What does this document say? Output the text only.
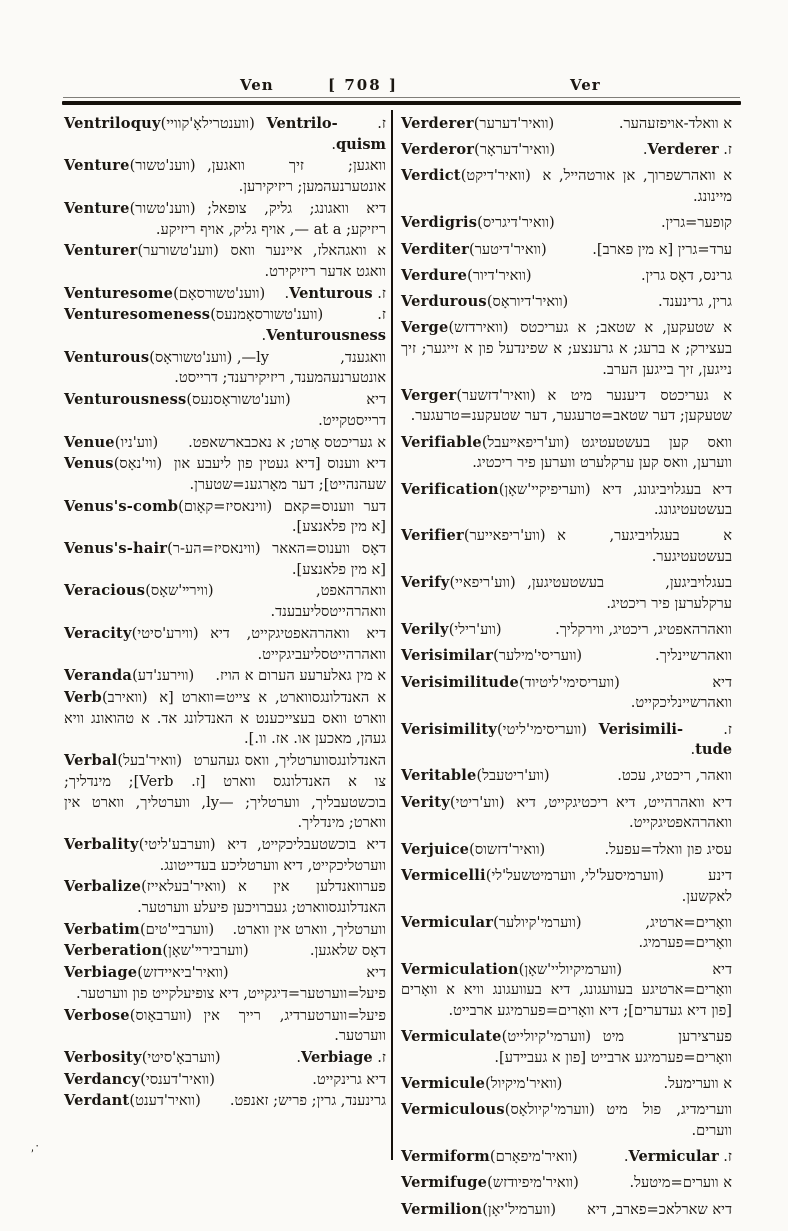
Ven	[ 708 ]	Ver
Ventriloquy (ווענטרילאָ'קוויי)	ז. Ventrilo-quism.
Venture (ווענ'טשור) וואגען; זיך וואגען, אונטערנעהמען; ריזיקירען.
Venture (ווענ'טשור) דיא וואגונג; גליק, צופאל; ריזיקע; at a —, אויף גליק, אויף ריזיקע.
Venturer (ווענ'טשורער) א וואגהאלז, איינער וואס וואגט אדער ריזיקירט.
Venturesome (ווענ'טשורסאָם)	ז. Venturous.
Venturesomeness (ווענ'טשורסאָמנעס)	ז. Venturousness.
Venturous (ווענ'טשוראָס),—ly	וואגענד, אונטערנעהמענד, ריזיקירענד; דרייסט.
Venturousness (ווענ'טשוראָסנעס)	דיא דרייסטקייט.
Venue (ווע'ניו) א געריכטס אָרט; א נאכבארשאפט.
Venus (ווי'נאָס) דיא ווענוס [דיא געטין פון ליעבע און שעהנהייט]; דער מאָרגענ=שטערן.
Venus's-comb (ווינאסיז=קאָום) דער ווענוס=קאם [א מין פלאנצע].
Venus's-hair (ווינאסיז=הע-ר) דאָס ווענוס=האאר [א מין פלאנצע].
Veracious (ווירײ'שאָס)	וואהרהאפט, וואהרהייטסליעבענד.
Veracity (ווירע'סיטי) דיא וואהרהאפטיגקייט, דיא וואהרהייטסליעביגקייט.
Veranda (ווירענ'דע) א מין גאלערעע הערום א הויז.
Verb (וואירב) א האנדלונגסווארט, א צייט=ווארט [א ווארט וואס בעצייכענט א האנדלונג אד. א טהואונג וויא געהן, מאכען או. אז. וו.].
Verbal (וואיר'בעל) האנדלונגסווערטליך, וואס געהערט צו א האנדלונגס ווארט [ז. Verb]; מינדליך; בוכשטעבליך, ווערטליך; —ly, ווערטליך, ווארט אין ווארט; מינדליך.
Verbality (ווערבע'ליטי) דיא בוכשטעבליכקייט, דיא ווערטליכקייט, דיא ווערטליכע בעדייטונג.
Verbalize (וואיר'בעלאייז) פערוואנדלען אין א האנדלונגסווארט; געברויכען פיעלע ווערטער.
Verbatim (ווערבײ'טים) ווערטליך, ווארט אין ווארט.
Verberation (ווערבירײ'שאָן)	דאָס שלאגען.
Verbiage (וואיר'ביאיידזש)	דיא פיעל=ווערטער=דיגקייט, דיא צופיעלקייט פון ווערטער.
Verbose (ווערבאָוס) פיעל=ווערטערדיג, רייך אין ווערטער.
Verbosity (ווערבאָ'סיטי)	ז. Verbiage.
Verdancy (וואיר'דענסי)	דיא גרינקייט.
Verdant (וואיר'דענט) גרינענד, גרין; פריש; זאנפט.
Verderer (וואיר'דערער)	א וואלד-אויפזעהער.
Verderor (וואיר'דעראָר)	ז. Verderer.
Verdict (וואיר'דיקט) א וואהרשפרוך, אן אורטהייל, א מיינונג.
Verdigris (וואיר'דיגריס)	קופער=גרין.
Verditer (וואיר'דיטער)	ערד=גרין [א מין פארב].
Verdure (וואיר'דיור)	גרינס, דאָס גרין.
Verdurous (וואיר'דיוראָס)	גרין, גרינענד.
Verge (וואירדזש) א שטעקען, א שטאב; א געריכטס בעצירק; א ברעג; א גרענצע; א שפינדעל פון א זייגער; זיך נייגען, זיך בייגען הערב.
Verger (וואיר'דזשער) א געריכטס דיענער מיט א שטעקען; דער שטאב=טרעגער, דער שטעקענ=טרעגער.
Verifiable (ווע'ריפאײעבל) וואס קען בעשטעטיגט ווערען, וואס קען ערקלערט ווערען פיר ריכטיג.
Verification (וועריפיקיי'שאָן) דיא בעגלויביגונג, דיא בעשטעטיגונג.
Verifier (ווע'ריפאייער) א בעגלויביגער, א בעשטעטיגער.
Verify (ווע'ריפאיי) בעגלויביגען, בעשטעטיגען, ערקלערען פיר ריכטיג.
Verily (ווע'רילי)	וואהרהאפטיג, ריכטיג, ווירקליך.
Verisimilar (וועריסי'מילער)	וואהרשיינליך.
Verisimilitude (וועריסימי'ליטיוד)	דיא וואהרשיינליכקייט.
Verisimility (וועריסימי'ליטי)	ז. Verisimili-tude.
Veritable (ווע'ריטעבל)	וואהר, ריכטיג, עכט.
Verity (ווע'ריטי) דיא וואהרהייט, דיא ריכטיגקייט, דיא וואהרהאפטיגקייט.
Verjuice (וואיר'דזשוס)	עסיג פון וואלד=עפעל.
Vermicelli (ווערמיסעל'לי, ווערמיטשעל'לי)	דינע לאקשען.
Vermicular (ווערמי'קיולער)	וואָרים=ארטיג, וואָרים=פערמיג.
Vermiculation (ווערמיקיוליי'שאָן)	דיא וואָרים=ארטיגע בעוועגונג, דיא בעוועגונג וויא א וואָרים [פון דיא געדערים]; דיא וואָרים=פערמיגע ארבייט.
Vermiculate (ווערמי'קיולייט) פערצירען מיט וואָרים=פערמיגע ארבייט [פון א געבײדע].
Vermicule (וואיר'מיקיול)	א ווערימעל.
Vermiculous (ווערמי'קיולאָס) ווערימדיג, פול מיט ווערים.
Vermiform (וואיר'מיפאָרם)	ז. Vermicular.
Vermifuge (וואיר'מיפיודזש)	א ווערים=מיטעל.
Vermilion (ווערמיל'יאָן) דיא שארלאכ=פארב, דיא
,·
